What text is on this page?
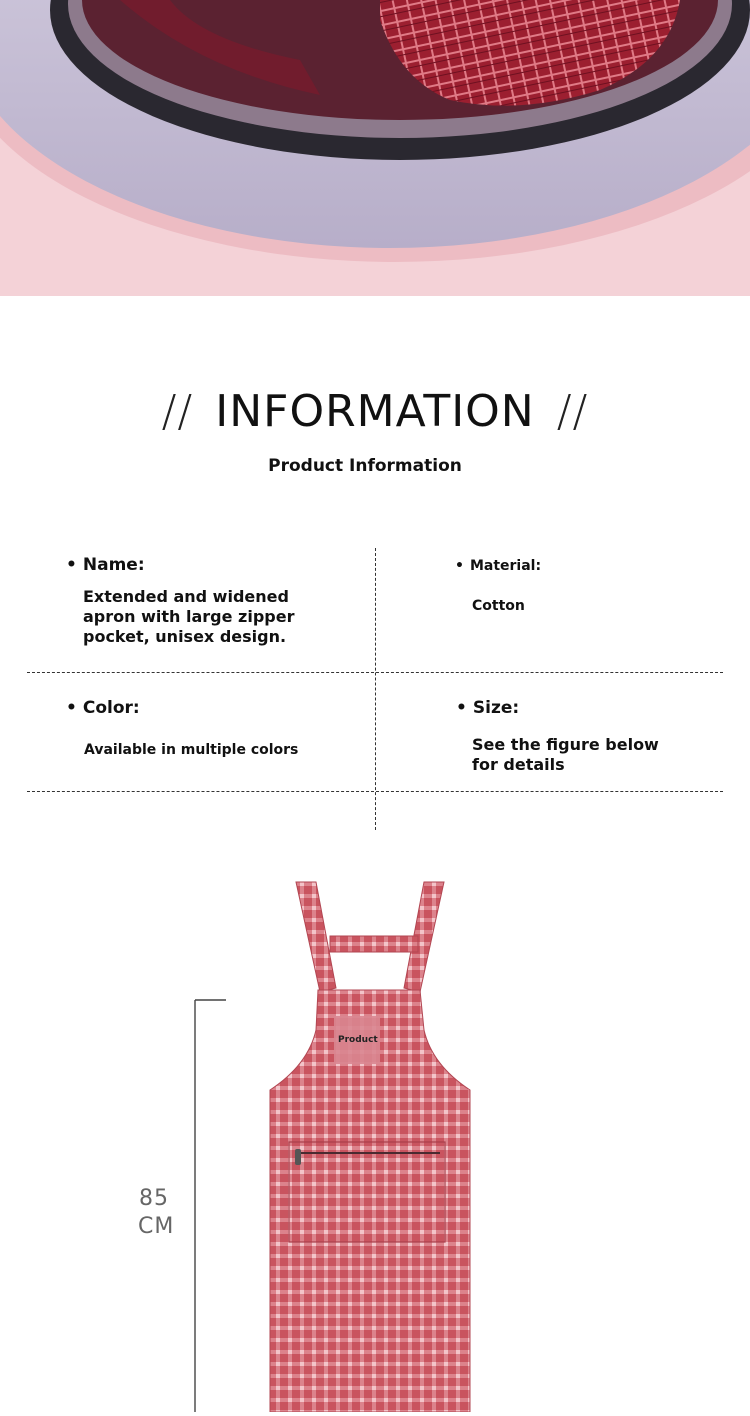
// INFORMATION //
Product Information
• Name:
Extended and widened apron with large zipper pocket, unisex design.
• Material:
Cotton
• Color:
Available in multiple colors
• Size:
See the figure below for details
Product
85
CM
